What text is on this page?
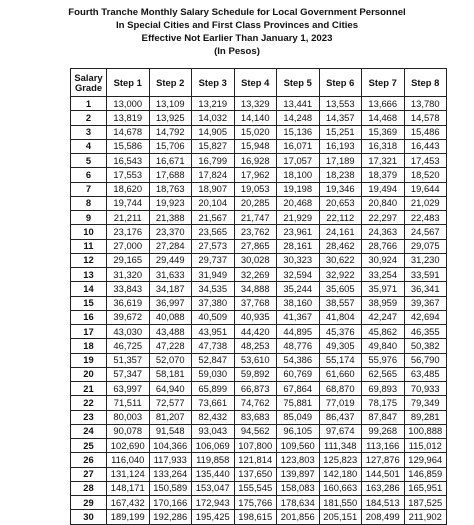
Fourth Tranche Monthly Salary Schedule for Local Government Personnel
In Special Cities and First Class Provinces and Cities
Effective Not Earlier Than January 1, 2023
(In Pesos)
Salary
Grade	Step 1	Step 2	Step 3	Step 4	Step 5	Step 6	Step 7	Step 8
1	13,000	13,109	13,219	13,329	13,441	13,553	13,666	13,780
2	13,819	13,925	14,032	14,140	14,248	14,357	14,468	14,578
3	14,678	14,792	14,905	15,020	15,136	15,251	15,369	15,486
4	15,586	15,706	15,827	15,948	16,071	16,193	16,318	16,443
5	16,543	16,671	16,799	16,928	17,057	17,189	17,321	17,453
6	17,553	17,688	17,824	17,962	18,100	18,238	18,379	18,520
7	18,620	18,763	18,907	19,053	19,198	19,346	19,494	19,644
8	19,744	19,923	20,104	20,285	20,468	20,653	20,840	21,029
9	21,211	21,388	21,567	21,747	21,929	22,112	22,297	22,483
10	23,176	23,370	23,565	23,762	23,961	24,161	24,363	24,567
11	27,000	27,284	27,573	27,865	28,161	28,462	28,766	29,075
12	29,165	29,449	29,737	30,028	30,323	30,622	30,924	31,230
13	31,320	31,633	31,949	32,269	32,594	32,922	33,254	33,591
14	33,843	34,187	34,535	34,888	35,244	35,605	35,971	36,341
15	36,619	36,997	37,380	37,768	38,160	38,557	38,959	39,367
16	39,672	40,088	40,509	40,935	41,367	41,804	42,247	42,694
17	43,030	43,488	43,951	44,420	44,895	45,376	45,862	46,355
18	46,725	47,228	47,738	48,253	48,776	49,305	49,840	50,382
19	51,357	52,070	52,847	53,610	54,386	55,174	55,976	56,790
20	57,347	58,181	59,030	59,892	60,769	61,660	62,565	63,485
21	63,997	64,940	65,899	66,873	67,864	68,870	69,893	70,933
22	71,511	72,577	73,661	74,762	75,881	77,019	78,175	79,349
23	80,003	81,207	82,432	83,683	85,049	86,437	87,847	89,281
24	90,078	91,548	93,043	94,562	96,105	97,674	99,268	100,888
25	102,690	104,366	106,069	107,800	109,560	111,348	113,166	115,012
26	116,040	117,933	119,858	121,814	123,803	125,823	127,876	129,964
27	131,124	133,264	135,440	137,650	139,897	142,180	144,501	146,859
28	148,171	150,589	153,047	155,545	158,083	160,663	163,286	165,951
29	167,432	170,166	172,943	175,766	178,634	181,550	184,513	187,525
30	189,199	192,286	195,425	198,615	201,856	205,151	208,499	211,902
